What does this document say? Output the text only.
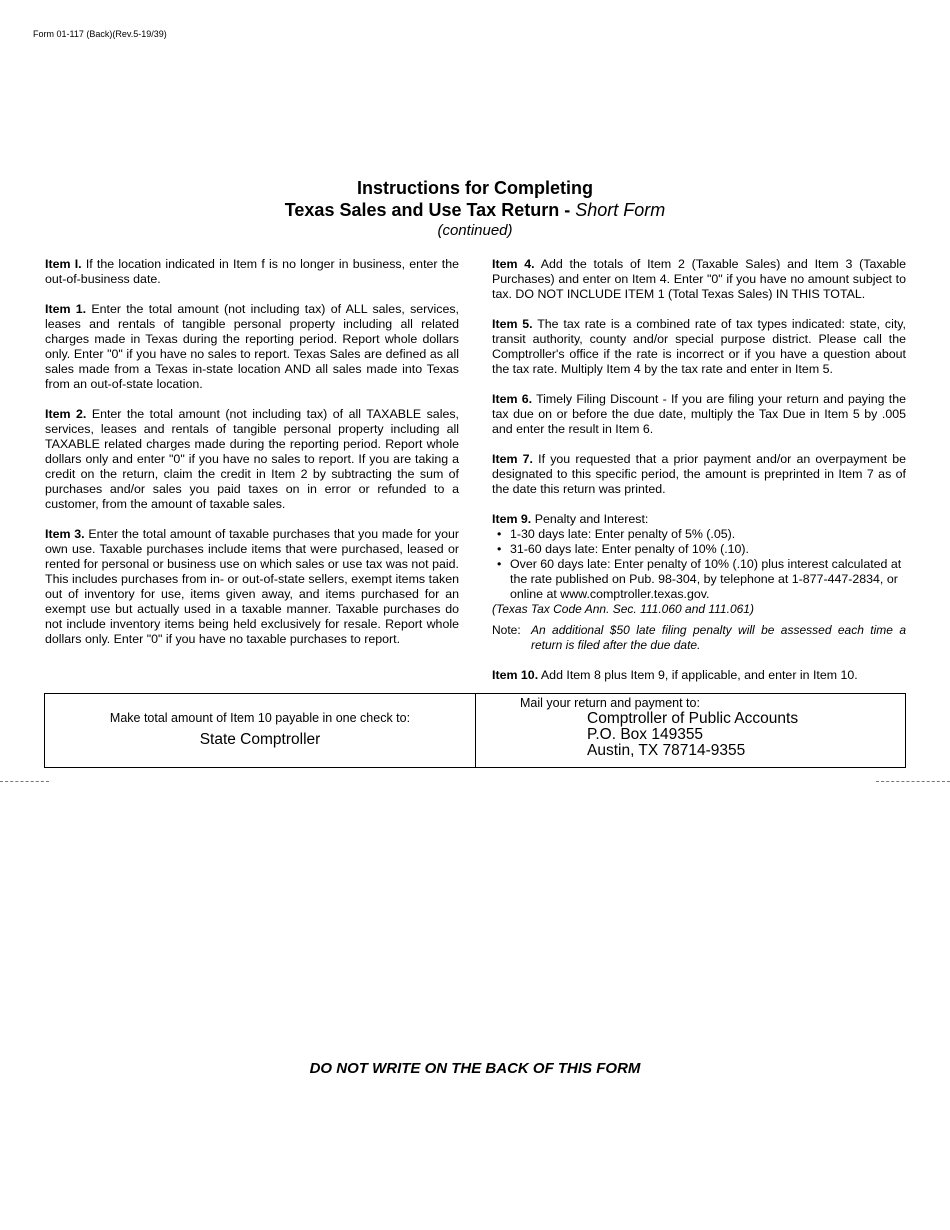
Form 01-117 (Back)(Rev.5-19/39)
Instructions for Completing
Texas Sales and Use Tax Return - Short Form
(continued)

Item I. If the location indicated in Item f is no longer in business, enter the out-of-business date.

Item 1. Enter the total amount (not including tax) of ALL sales, services, leases and rentals of tangible personal property including all related charges made in Texas during the reporting period. Report whole dollars only. Enter "0" if you have no sales to report. Texas Sales are defined as all sales made from a Texas in-state location AND all sales made into Texas from an out-of-state location.

Item 2. Enter the total amount (not including tax) of all TAXABLE sales, services, leases and rentals of tangible personal property including all TAXABLE related charges made during the reporting period. Report whole dollars only and enter "0" if you have no sales to report. If you are taking a credit on the return, claim the credit in Item 2 by subtracting the sum of purchases and/or sales you paid taxes on in error or refunded to a customer, from the amount of taxable sales.

Item 3. Enter the total amount of taxable purchases that you made for your own use. Taxable purchases include items that were purchased, leased or rented for personal or business use on which sales or use tax was not paid. This includes purchases from in- or out-of-state sellers, exempt items taken out of inventory for use, items given away, and items purchased for an exempt use but actually used in a taxable manner. Taxable purchases do not include inventory items being held exclusively for resale. Report whole dollars only. Enter "0" if you have no taxable purchases to report.

Item 4. Add the totals of Item 2 (Taxable Sales) and Item 3 (Taxable Purchases) and enter on Item 4. Enter "0" if you have no amount subject to tax. DO NOT INCLUDE ITEM 1 (Total Texas Sales) IN THIS TOTAL.

Item 5. The tax rate is a combined rate of tax types indicated: state, city, transit authority, county and/or special purpose district. Please call the Comptroller's office if the rate is incorrect or if you have a question about the tax rate. Multiply Item 4 by the tax rate and enter in Item 5.

Item 6. Timely Filing Discount - If you are filing your return and paying the tax due on or before the due date, multiply the Tax Due in Item 5 by .005 and enter the result in Item 6.

Item 7. If you requested that a prior payment and/or an overpayment be designated to this specific period, the amount is preprinted in Item 7 as of the date this return was printed.

Item 9. Penalty and Interest:
• 1-30 days late: Enter penalty of 5% (.05).
• 31-60 days late: Enter penalty of 10% (.10).
• Over 60 days late: Enter penalty of 10% (.10) plus interest calculated at the rate published on Pub. 98-304, by telephone at 1-877-447-2834, or online at www.comptroller.texas.gov.
(Texas Tax Code Ann. Sec. 111.060 and 111.061)
Note: An additional $50 late filing penalty will be assessed each time a return is filed after the due date.

Item 10. Add Item 8 plus Item 9, if applicable, and enter in Item 10.

Make total amount of Item 10 payable in one check to:
State Comptroller
Mail your return and payment to:
Comptroller of Public Accounts
P.O. Box 149355
Austin, TX 78714-9355
DO NOT WRITE ON THE BACK OF THIS FORM
